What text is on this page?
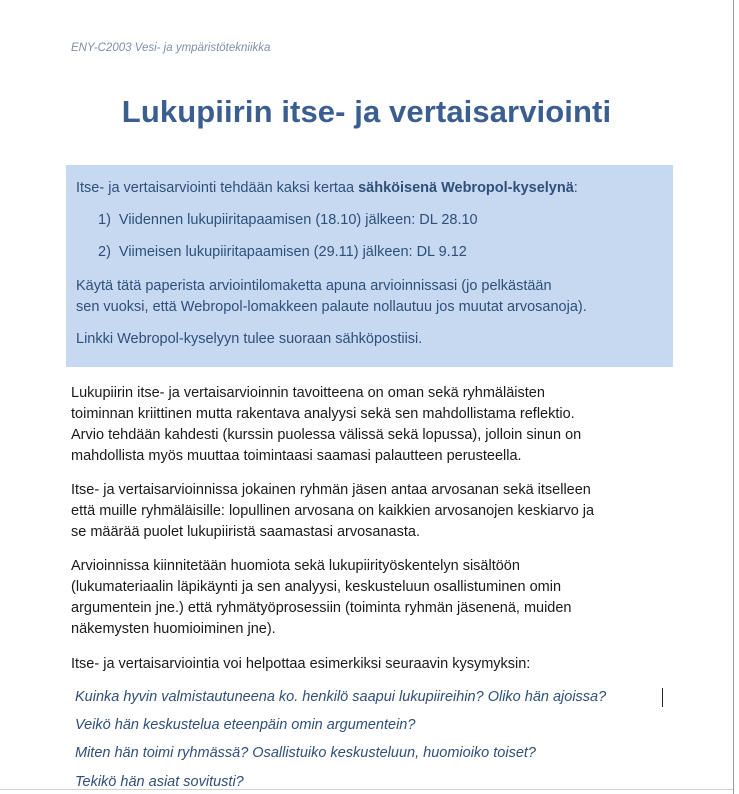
ENY-C2003 Vesi- ja ympäristötekniikka
Lukupiirin itse- ja vertaisarviointi

Itse- ja vertaisarviointi tehdään kaksi kertaa sähköisenä Webropol-kyselynä:

1) Viidennen lukupiiritapaamisen (18.10) jälkeen: DL 28.10

2) Viimeisen lukupiiritapaamisen (29.11) jälkeen: DL 9.12

Käytä tätä paperista arviointilomaketta apuna arvioinnissasi (jo pelkästään

sen vuoksi, että Webropol-lomakkeen palaute nollautuu jos muutat arvosanoja).

Linkki Webropol-kyselyyn tulee suoraan sähköpostiisi.

Lukupiirin itse- ja vertaisarvioinnin tavoitteena on oman sekä ryhmäläisten

toiminnan kriittinen mutta rakentava analyysi sekä sen mahdollistama reflektio.

Arvio tehdään kahdesti (kurssin puolessa välissä sekä lopussa), jolloin sinun on

mahdollista myös muuttaa toimintaasi saamasi palautteen perusteella.

Itse- ja vertaisarvioinnissa jokainen ryhmän jäsen antaa arvosanan sekä itselleen

että muille ryhmäläisille: lopullinen arvosana on kaikkien arvosanojen keskiarvo ja

se määrää puolet lukupiiristä saamastasi arvosanasta.

Arvioinnissa kiinnitetään huomiota sekä lukupiirityöskentelyn sisältöön

(lukumateriaalin läpikäynti ja sen analyysi, keskusteluun osallistuminen omin

argumentein jne.) että ryhmätyöprosessiin (toiminta ryhmän jäsenenä, muiden

näkemysten huomioiminen jne).

Itse- ja vertaisarviointia voi helpottaa esimerkiksi seuraavin kysymyksin:

Kuinka hyvin valmistautuneena ko. henkilö saapui lukupiireihin? Oliko hän ajoissa?

Veikö hän keskustelua eteenpäin omin argumentein?

Miten hän toimi ryhmässä? Osallistuiko keskusteluun, huomioiko toiset?

Tekikö hän asiat sovitusti?
